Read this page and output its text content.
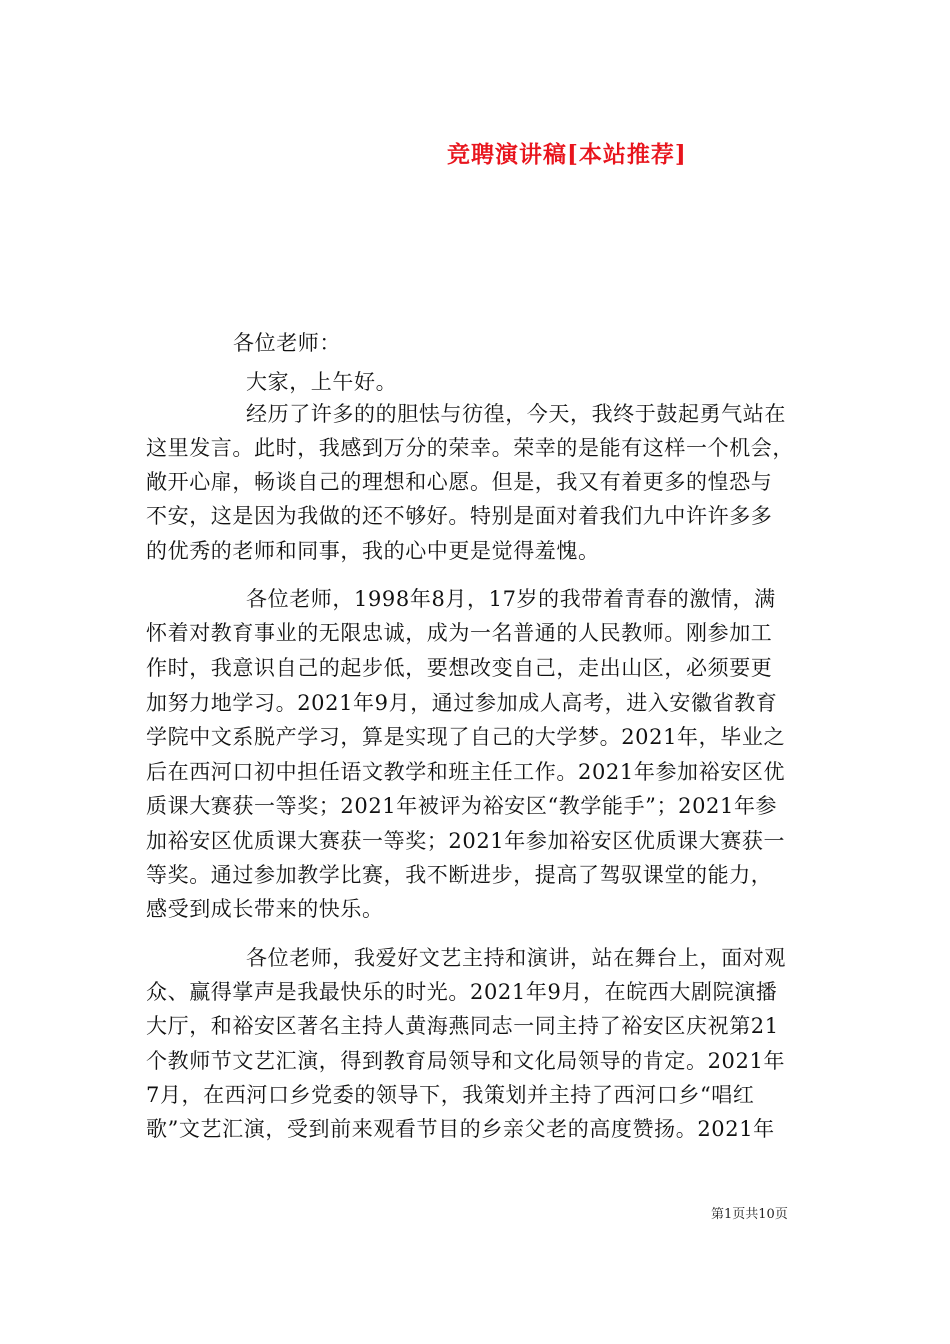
竞聘演讲稿[本站推荐]
各位老师：
大家，上午好。
经历了许多的的胆怯与彷徨，今天，我终于鼓起勇气站在
这里发言。此时，我感到万分的荣幸。荣幸的是能有这样一个机会，
敞开心扉，畅谈自己的理想和心愿。但是，我又有着更多的惶恐与
不安，这是因为我做的还不够好。特别是面对着我们九中许许多多
的优秀的老师和同事，我的心中更是觉得羞愧。
各位老师，1998年8月，17岁的我带着青春的激情，满
怀着对教育事业的无限忠诚，成为一名普通的人民教师。刚参加工
作时，我意识自己的起步低，要想改变自己，走出山区，必须要更
加努力地学习。2021年9月，通过参加成人高考，进入安徽省教育
学院中文系脱产学习，算是实现了自己的大学梦。2021年，毕业之
后在西河口初中担任语文教学和班主任工作。2021年参加裕安区优
质课大赛获一等奖；2021年被评为裕安区“教学能手”；2021年参
加裕安区优质课大赛获一等奖；2021年参加裕安区优质课大赛获一
等奖。通过参加教学比赛，我不断进步，提高了驾驭课堂的能力，
感受到成长带来的快乐。
各位老师，我爱好文艺主持和演讲，站在舞台上，面对观
众、赢得掌声是我最快乐的时光。2021年9月，在皖西大剧院演播
大厅，和裕安区著名主持人黄海燕同志一同主持了裕安区庆祝第21
个教师节文艺汇演，得到教育局领导和文化局领导的肯定。2021年
7月，在西河口乡党委的领导下，我策划并主持了西河口乡“唱红
歌”文艺汇演，受到前来观看节目的乡亲父老的高度赞扬。2021年
第1页共10页
